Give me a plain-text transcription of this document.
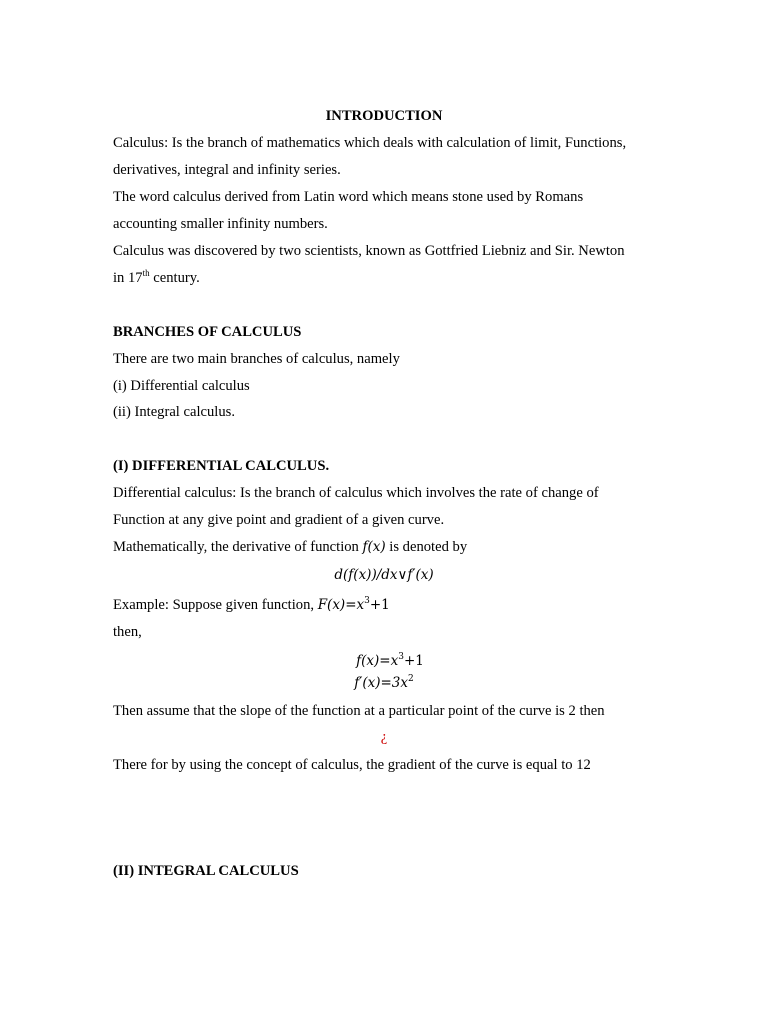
INTRODUCTION
Calculus: Is the branch of mathematics which deals with calculation of limit, Functions,
derivatives, integral and infinity series.
The word calculus derived from Latin word which means stone used by Romans
accounting smaller infinity numbers.
Calculus was discovered by two scientists, known as Gottfried Liebniz and Sir. Newton
in 17th century.
BRANCHES OF CALCULUS
There are two main branches of calculus, namely
(i) Differential calculus
(ii) Integral calculus.
(I) DIFFERENTIAL CALCULUS.
Differential calculus: Is the branch of calculus which involves the rate of change of
Function at any give point and gradient of a given curve.
Mathematically, the derivative of function f(x) is denoted by
d(f(x))/dx∨f′(x)
Example: Suppose given function, $F(x)=x^3+1$
then,
$f(x)=x^3+1$
$f'(x)=3x^2$
Then assume that the slope of the function at a particular point of the curve is 2 then
¿
There for by using the concept of calculus, the gradient of the curve is equal to 12
(II) INTEGRAL CALCULUS
